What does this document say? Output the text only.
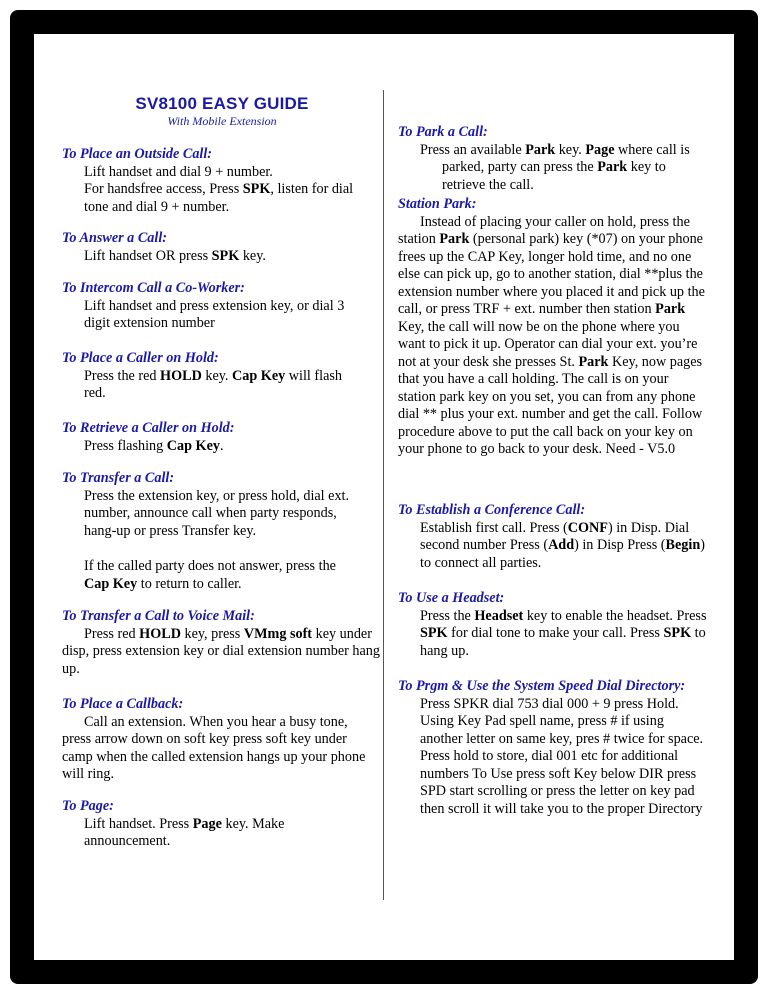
SV8100 EASY GUIDE
With Mobile Extension

To Place an Outside Call:

Lift handset and dial 9 + number.
For handsfree access, Press SPK, listen for dial tone and dial 9 + number.

To Answer a Call:

Lift handset OR press SPK key.

To Intercom Call a Co-Worker:

Lift handset and press extension key, or dial 3 digit extension number

To Place a Caller on Hold:

Press the red HOLD key. Cap Key will flash red.

To Retrieve a Caller on Hold:

Press flashing Cap Key.

To Transfer a Call:

Press the extension key, or press hold, dial ext. number, announce call when party responds, hang-up or press Transfer key.

If the called party does not answer, press the Cap Key to return to caller.

To Transfer a Call to Voice Mail:

Press red HOLD key, press VMmg soft key under disp, press extension key or dial extension number hang up.

To Place a Callback:

Call an extension. When you hear a busy tone, press arrow down on soft key press soft key under camp when the called extension hangs up your phone will ring.

To Page:

Lift handset. Press Page key. Make announcement.

To Park a Call:

Press an available Park key. Page where call is parked, party can press the Park key to retrieve the call.

Station Park:

Instead of placing your caller on hold, press the station Park (personal park) key (*07) on your phone frees up the CAP Key, longer hold time, and no one else can pick up, go to another station, dial **plus the extension number where you placed it and pick up the call, or press TRF + ext. number then station Park Key, the call will now be on the phone where you want to pick it up. Operator can dial your ext. you’re not at your desk she presses St. Park Key, now pages that you have a call holding. The call is on your station park key on you set, you can from any phone dial ** plus your ext. number and get the call. Follow procedure above to put the call back on your key on your phone to go back to your desk. Need - V5.0

To Establish a Conference Call:

Establish first call. Press (CONF) in Disp. Dial second number Press (Add) in Disp Press (Begin) to connect all parties.

To Use a Headset:

Press the Headset key to enable the headset. Press SPK for dial tone to make your call. Press SPK to hang up.

To Prgm & Use the System Speed Dial Directory:

Press SPKR dial 753 dial 000 + 9 press Hold. Using Key Pad spell name, press # if using another letter on same key, pres # twice for space. Press hold to store, dial 001 etc for additional numbers To Use press soft Key below DIR press SPD start scrolling or press the letter on key pad then scroll it will take you to the proper Directory
